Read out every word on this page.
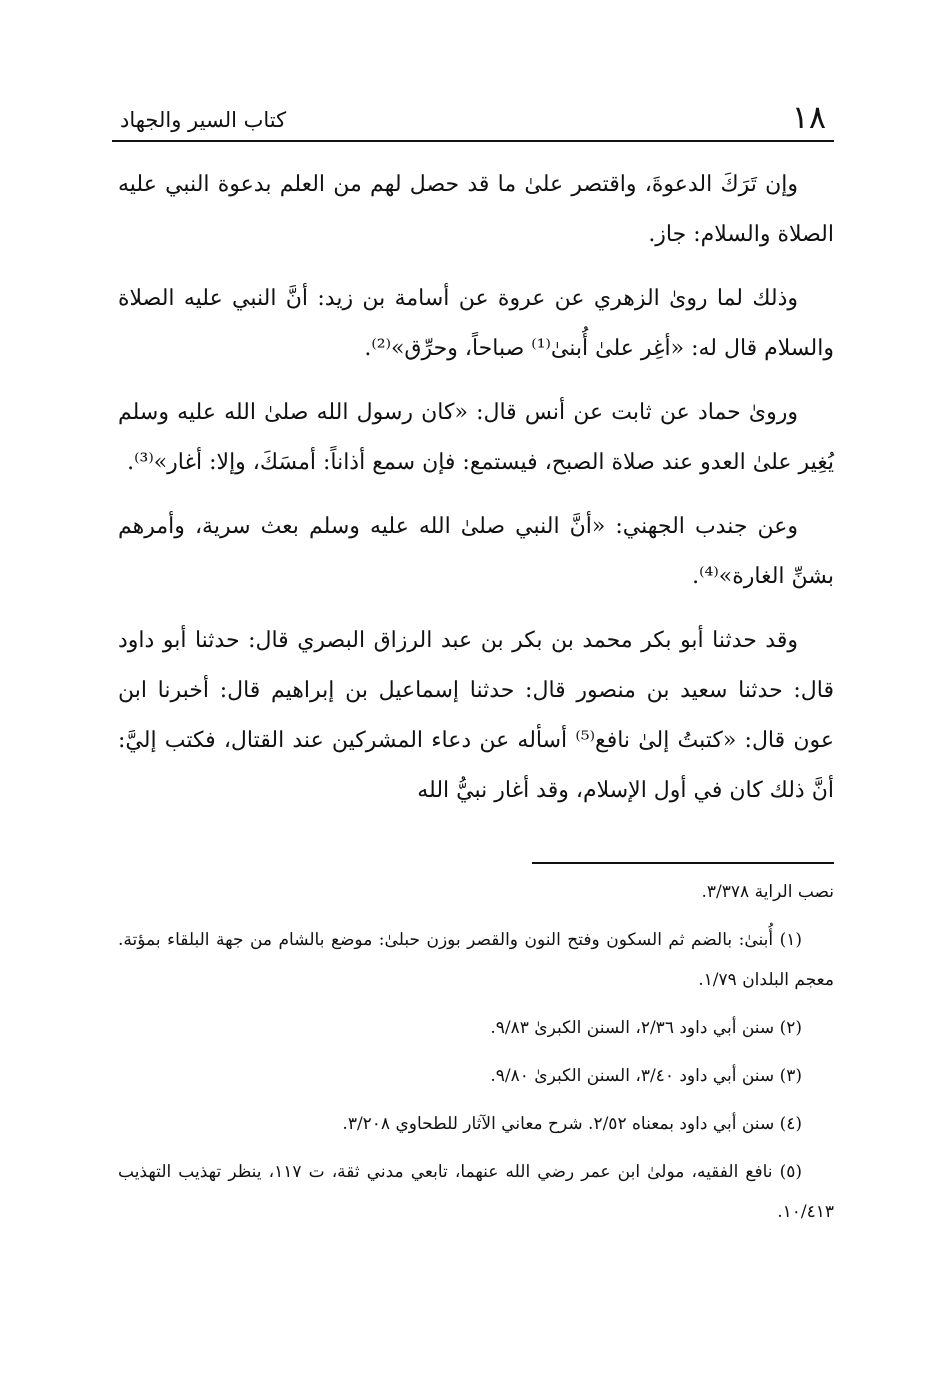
١٨
كتاب السير والجهاد

وإن تَرَكَ الدعوةَ، واقتصر علىٰ ما قد حصل لهم من العلم بدعوة النبي عليه الصلاة والسلام: جاز.

وذلك لما روىٰ الزهري عن عروة عن أسامة بن زيد: أنَّ النبي عليه الصلاة والسلام قال له: «أغِر علىٰ أُبنىٰ⁽¹⁾ صباحاً، وحرِّق»⁽²⁾.

وروىٰ حماد عن ثابت عن أنس قال: «كان رسول الله صلىٰ الله عليه وسلم يُغِير علىٰ العدو عند صلاة الصبح، فيستمع: فإن سمع أذاناً: أمسَكَ، وإلا: أغار»⁽³⁾.

وعن جندب الجهني: «أنَّ النبي صلىٰ الله عليه وسلم بعث سرية، وأمرهم بشنِّ الغارة»⁽⁴⁾.

وقد حدثنا أبو بكر محمد بن بكر بن عبد الرزاق البصري قال: حدثنا أبو داود قال: حدثنا سعيد بن منصور قال: حدثنا إسماعيل بن إبراهيم قال: أخبرنا ابن عون قال: «كتبتُ إلىٰ نافع⁽⁵⁾ أسأله عن دعاء المشركين عند القتال، فكتب إليَّ: أنَّ ذلك كان في أول الإسلام، وقد أغار نبيُّ الله

نصب الراية ٣/٣٧٨.

(١) أُبنىٰ: بالضم ثم السكون وفتح النون والقصر بوزن حبلىٰ: موضع بالشام من جهة البلقاء بمؤتة. معجم البلدان ١/٧٩.

(٢) سنن أبي داود ٢/٣٦، السنن الكبرىٰ ٩/٨٣.

(٣) سنن أبي داود ٣/٤٠، السنن الكبرىٰ ٩/٨٠.

(٤) سنن أبي داود بمعناه ٢/٥٢. شرح معاني الآثار للطحاوي ٣/٢٠٨.

(٥) نافع الفقيه، مولىٰ ابن عمر رضي الله عنهما، تابعي مدني ثقة، ت ١١٧، ينظر تهذيب التهذيب ١٠/٤١٣.
